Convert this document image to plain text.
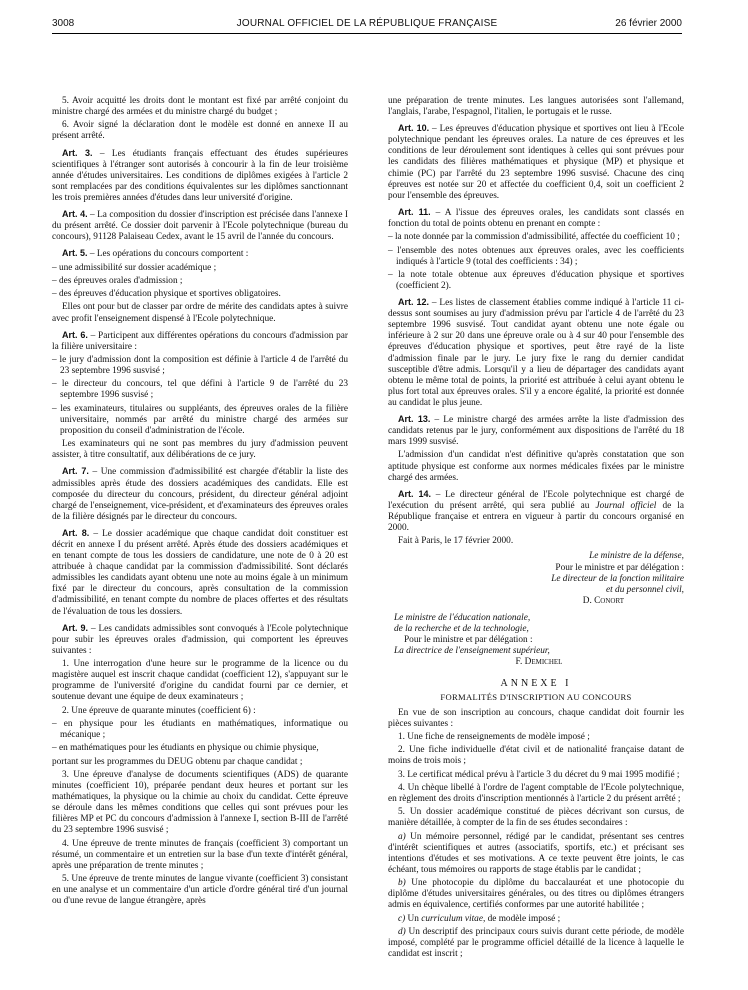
3008	JOURNAL OFFICIEL DE LA RÉPUBLIQUE FRANÇAISE	26 février 2000

5. Avoir acquitté les droits dont le montant est fixé par arrêté conjoint du ministre chargé des armées et du ministre chargé du budget ;

6. Avoir signé la déclaration dont le modèle est donné en annexe II au présent arrêté.

Art. 3. – Les étudiants français effectuant des études supérieures scientifiques à l'étranger sont autorisés à concourir à la fin de leur troisième année d'études universitaires. Les conditions de diplômes exigées à l'article 2 sont remplacées par des conditions équivalentes sur les diplômes sanctionnant les trois premières années d'études dans leur université d'origine.

Art. 4. – La composition du dossier d'inscription est précisée dans l'annexe I du présent arrêté. Ce dossier doit parvenir à l'Ecole polytechnique (bureau du concours), 91128 Palaiseau Cedex, avant le 15 avril de l'année du concours.

Art. 5. – Les opérations du concours comportent :

– une admissibilité sur dossier académique ;

– des épreuves orales d'admission ;

– des épreuves d'éducation physique et sportives obligatoires.

Elles ont pour but de classer par ordre de mérite des candidats aptes à suivre avec profit l'enseignement dispensé à l'Ecole polytechnique.

Art. 6. – Participent aux différentes opérations du concours d'admission par la filière universitaire :

– le jury d'admission dont la composition est définie à l'article 4 de l'arrêté du 23 septembre 1996 susvisé ;

– le directeur du concours, tel que défini à l'article 9 de l'arrêté du 23 septembre 1996 susvisé ;

– les examinateurs, titulaires ou suppléants, des épreuves orales de la filière universitaire, nommés par arrêté du ministre chargé des armées sur proposition du conseil d'administration de l'école.

Les examinateurs qui ne sont pas membres du jury d'admission peuvent assister, à titre consultatif, aux délibérations de ce jury.

Art. 7. – Une commission d'admissibilité est chargée d'établir la liste des admissibles après étude des dossiers académiques des candidats. Elle est composée du directeur du concours, président, du directeur général adjoint chargé de l'enseignement, vice-président, et d'examinateurs des épreuves orales de la filière désignés par le directeur du concours.

Art. 8. – Le dossier académique que chaque candidat doit constituer est décrit en annexe I du présent arrêté. Après étude des dossiers académiques et en tenant compte de tous les dossiers de candidature, une note de 0 à 20 est attribuée à chaque candidat par la commission d'admissibilité. Sont déclarés admissibles les candidats ayant obtenu une note au moins égale à un minimum fixé par le directeur du concours, après consultation de la commission d'admissibilité, en tenant compte du nombre de places offertes et des résultats de l'évaluation de tous les dossiers.

Art. 9. – Les candidats admissibles sont convoqués à l'Ecole polytechnique pour subir les épreuves orales d'admission, qui comportent les épreuves suivantes :

1. Une interrogation d'une heure sur le programme de la licence ou du magistère auquel est inscrit chaque candidat (coefficient 12), s'appuyant sur le programme de l'université d'origine du candidat fourni par ce dernier, et soutenue devant une équipe de deux examinateurs ;

2. Une épreuve de quarante minutes (coefficient 6) :

– en physique pour les étudiants en mathématiques, informatique ou mécanique ;

– en mathématiques pour les étudiants en physique ou chimie physique,

portant sur les programmes du DEUG obtenu par chaque candidat ;

3. Une épreuve d'analyse de documents scientifiques (ADS) de quarante minutes (coefficient 10), préparée pendant deux heures et portant sur les mathématiques, la physique ou la chimie au choix du candidat. Cette épreuve se déroule dans les mêmes conditions que celles qui sont prévues pour les filières MP et PC du concours d'admission à l'annexe I, section B-III de l'arrêté du 23 septembre 1996 susvisé ;

4. Une épreuve de trente minutes de français (coefficient 3) comportant un résumé, un commentaire et un entretien sur la base d'un texte d'intérêt général, après une préparation de trente minutes ;

5. Une épreuve de trente minutes de langue vivante (coefficient 3) consistant en une analyse et un commentaire d'un article d'ordre général tiré d'un journal ou d'une revue de langue étrangère, après

une préparation de trente minutes. Les langues autorisées sont l'allemand, l'anglais, l'arabe, l'espagnol, l'italien, le portugais et le russe.

Art. 10. – Les épreuves d'éducation physique et sportives ont lieu à l'Ecole polytechnique pendant les épreuves orales. La nature de ces épreuves et les conditions de leur déroulement sont identiques à celles qui sont prévues pour les candidats des filières mathématiques et physique (MP) et physique et chimie (PC) par l'arrêté du 23 septembre 1996 susvisé. Chacune des cinq épreuves est notée sur 20 et affectée du coefficient 0,4, soit un coefficient 2 pour l'ensemble des épreuves.

Art. 11. – A l'issue des épreuves orales, les candidats sont classés en fonction du total de points obtenu en prenant en compte :

– la note donnée par la commission d'admissibilité, affectée du coefficient 10 ;

– l'ensemble des notes obtenues aux épreuves orales, avec les coefficients indiqués à l'article 9 (total des coefficients : 34) ;

– la note totale obtenue aux épreuves d'éducation physique et sportives (coefficient 2).

Art. 12. – Les listes de classement établies comme indiqué à l'article 11 ci-dessus sont soumises au jury d'admission prévu par l'article 4 de l'arrêté du 23 septembre 1996 susvisé. Tout candidat ayant obtenu une note égale ou inférieure à 2 sur 20 dans une épreuve orale ou à 4 sur 40 pour l'ensemble des épreuves d'éducation physique et sportives, peut être rayé de la liste d'admission finale par le jury. Le jury fixe le rang du dernier candidat susceptible d'être admis. Lorsqu'il y a lieu de départager des candidats ayant obtenu le même total de points, la priorité est attribuée à celui ayant obtenu le plus fort total aux épreuves orales. S'il y a encore égalité, la priorité est donnée au candidat le plus jeune.

Art. 13. – Le ministre chargé des armées arrête la liste d'admission des candidats retenus par le jury, conformément aux dispositions de l'arrêté du 18 mars 1999 susvisé.

L'admission d'un candidat n'est définitive qu'après constatation que son aptitude physique est conforme aux normes médicales fixées par le ministre chargé des armées.

Art. 14. – Le directeur général de l'Ecole polytechnique est chargé de l'exécution du présent arrêté, qui sera publié au Journal officiel de la République française et entrera en vigueur à partir du concours organisé en 2000.

Fait à Paris, le 17 février 2000.

Le ministre de la défense,
Pour le ministre et par délégation :
Le directeur de la fonction militaire
et du personnel civil,
D. Conort
Le ministre de l'éducation nationale,
de la recherche et de la technologie,
Pour le ministre et par délégation :
La directrice de l'enseignement supérieur,
F. Demichel
ANNEXE I
FORMALITÉS D'INSCRIPTION AU CONCOURS

En vue de son inscription au concours, chaque candidat doit fournir les pièces suivantes :

1. Une fiche de renseignements de modèle imposé ;

2. Une fiche individuelle d'état civil et de nationalité française datant de moins de trois mois ;

3. Le certificat médical prévu à l'article 3 du décret du 9 mai 1995 modifié ;

4. Un chèque libellé à l'ordre de l'agent comptable de l'Ecole polytechnique, en règlement des droits d'inscription mentionnés à l'article 2 du présent arrêté ;

5. Un dossier académique constitué de pièces décrivant son cursus, de manière détaillée, à compter de la fin de ses études secondaires :

a) Un mémoire personnel, rédigé par le candidat, présentant ses centres d'intérêt scientifiques et autres (associatifs, sportifs, etc.) et précisant ses intentions d'études et ses motivations. A ce texte peuvent être joints, le cas échéant, tous mémoires ou rapports de stage établis par le candidat ;

b) Une photocopie du diplôme du baccalauréat et une photocopie du diplôme d'études universitaires générales, ou des titres ou diplômes étrangers admis en équivalence, certifiés conformes par une autorité habilitée ;

c) Un curriculum vitae, de modèle imposé ;

d) Un descriptif des principaux cours suivis durant cette période, de modèle imposé, complété par le programme officiel détaillé de la licence à laquelle le candidat est inscrit ;
